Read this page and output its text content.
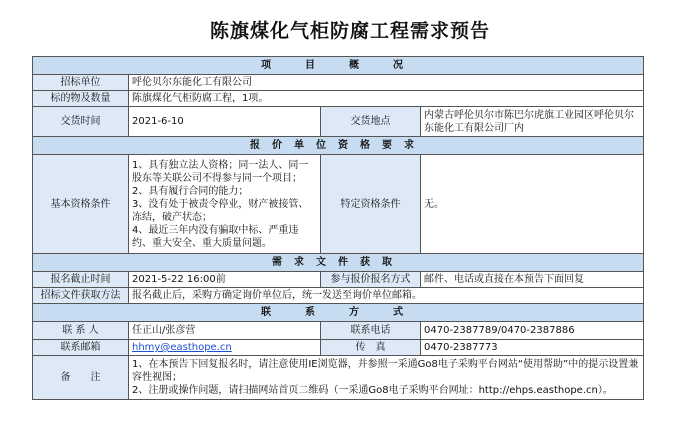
陈旗煤化气柜防腐工程需求预告
项　目　概　况			
招标单位	呼伦贝尔东能化工有限公司		
标的物及数量	陈旗煤化气柜防腐工程，1项。		
交货时间	2021-6-10	交货地点	内蒙古呼伦贝尔市陈巴尔虎旗工业园区呼伦贝尔东能化工有限公司厂内
报价单位资格要求			
基本资格条件	1、具有独立法人资格；同一法人、同一股东等关联公司不得参与同一个项目；
2、具有履行合同的能力；
3、没有处于被责令停业，财产被接管、冻结，破产状态；
4、最近三年内没有骗取中标、严重违约、重大安全、重大质量问题。	特定资格条件	无。
需求文件获取			
报名截止时间	2021-5-22 16:00前	参与报价报名方式	邮件、电话或直接在本预告下面回复
招标文件获取方法	报名截止后，采购方确定询价单位后，统一发送至询价单位邮箱。		
联　系　方　式			
联 系 人	任正山/张彦营	联系电话	0470-2387789/0470-2387886
联系邮箱	hhmy@easthope.cn	传　真	0470-2387773
备　　注	1、在本预告下回复报名时，请注意使用IE浏览器，并参照一采通Go8电子采购平台网站“使用帮助”中的提示设置兼容性视图；
2、注册或操作问题，请扫描网站首页二维码（一采通Go8电子采购平台网址：http://ehps.easthope.cn）。		
